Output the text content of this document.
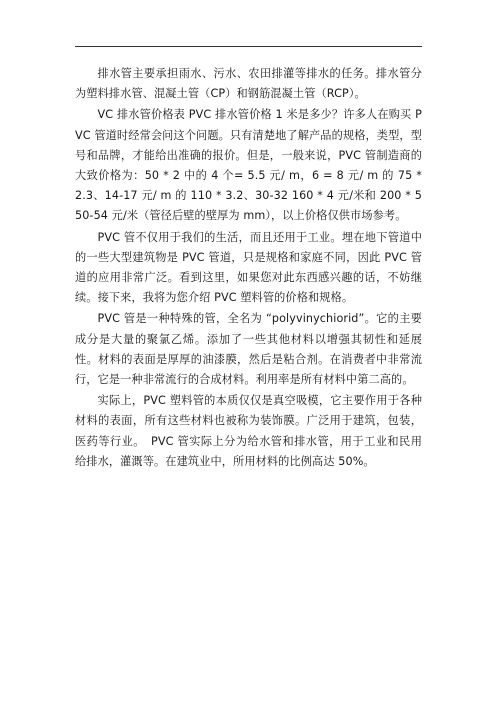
排水管主要承担雨水、污水、农田排灌等排水的任务。排水管分为塑料排水管、混凝土管（CP）和钢筋混凝土管（RCP）。

VC 排水管价格表 PVC 排水管价格 1 米是多少？许多人在购买 PVC 管道时经常会问这个问题。只有清楚地了解产品的规格，类型，型号和品牌，才能给出准确的报价。但是，一般来说，PVC 管制造商的大致价格为：50 * 2 中的 4 个= 5.5 元/ m，6 = 8 元/ m 的 75 * 2.3、14-17 元/ m 的 110 * 3.2、30-32 160 * 4 元/米和 200 * 5 50-54 元/米（管径后壁的壁厚为 mm），以上价格仅供市场参考。

PVC 管不仅用于我们的生活，而且还用于工业。埋在地下管道中的一些大型建筑物是 PVC 管道，只是规格和家庭不同，因此 PVC 管道的应用非常广泛。看到这里，如果您对此东西感兴趣的话，不妨继续。接下来，我将为您介绍 PVC 塑料管的价格和规格。

PVC 管是一种特殊的管，全名为 “polyvinychiorid”。它的主要成分是大量的聚氯乙烯。添加了一些其他材料以增强其韧性和延展性。材料的表面是厚厚的油漆膜，然后是粘合剂。在消费者中非常流行，它是一种非常流行的合成材料。利用率是所有材料中第二高的。

实际上，PVC 塑料管的本质仅仅是真空吸模，它主要作用于各种材料的表面，所有这些材料也被称为装饰膜。广泛用于建筑，包装，医药等行业。　PVC 管实际上分为给水管和排水管，用于工业和民用给排水，灌溉等。在建筑业中，所用材料的比例高达 50%。
